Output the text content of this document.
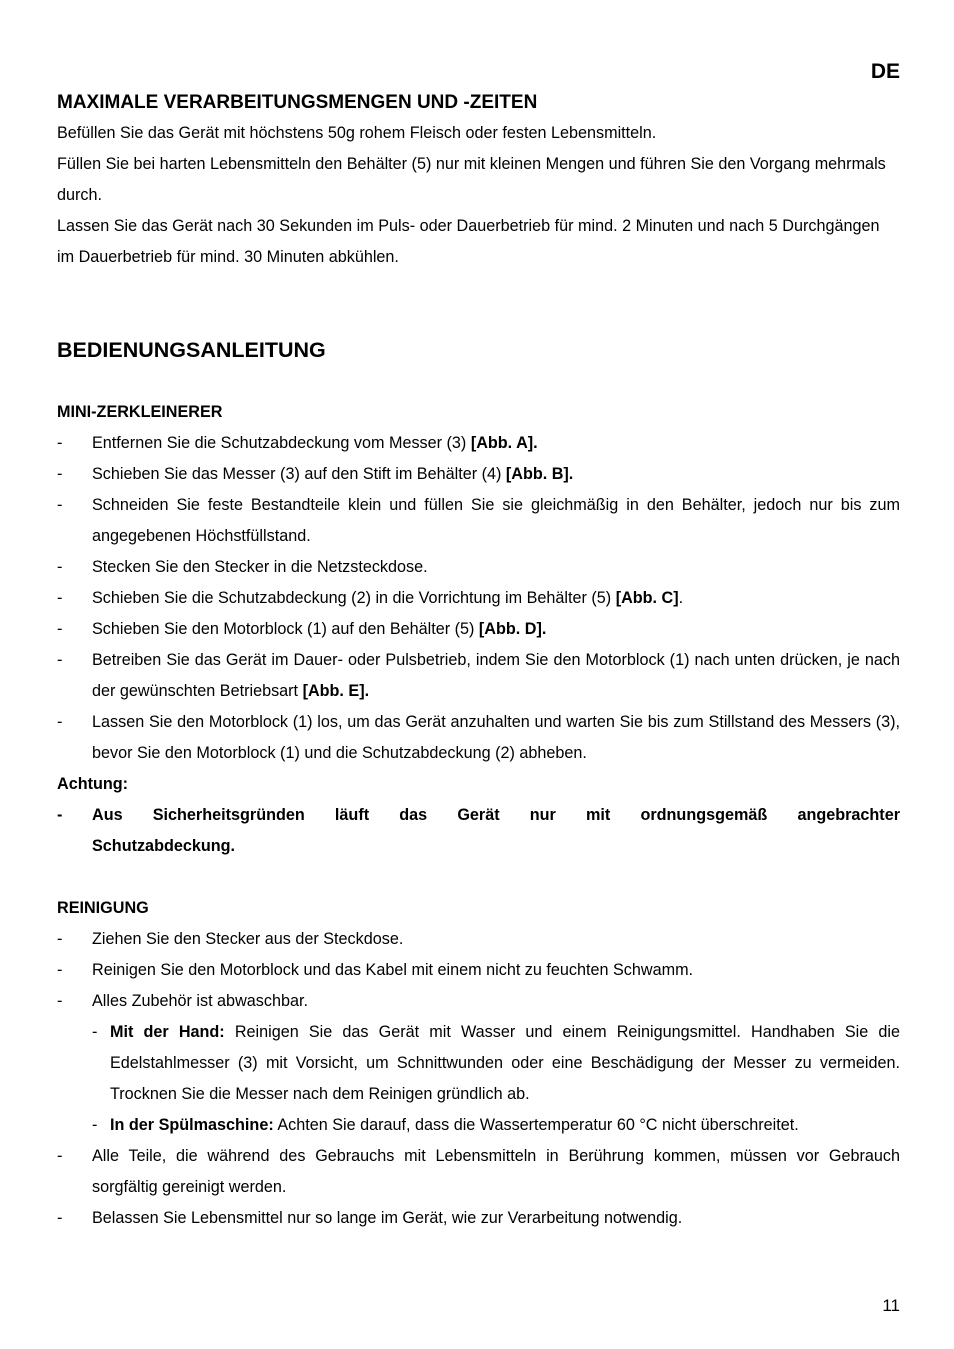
DE
MAXIMALE VERARBEITUNGSMENGEN UND -ZEITEN

Befüllen Sie das Gerät mit höchstens 50g rohem Fleisch oder festen Lebensmitteln.

Füllen Sie bei harten Lebensmitteln den Behälter (5) nur mit kleinen Mengen und führen Sie den Vorgang mehrmals durch.

Lassen Sie das Gerät nach 30 Sekunden im Puls- oder Dauerbetrieb für mind. 2 Minuten und nach 5 Durchgängen im Dauerbetrieb für mind. 30 Minuten abkühlen.

BEDIENUNGSANLEITUNG
MINI-ZERKLEINERER
- Entfernen Sie die Schutzabdeckung vom Messer (3) [Abb. A].
- Schieben Sie das Messer (3) auf den Stift im Behälter (4) [Abb. B].
- Schneiden Sie feste Bestandteile klein und füllen Sie sie gleichmäßig in den Behälter, jedoch nur bis zum angegebenen Höchstfüllstand.
- Stecken Sie den Stecker in die Netzsteckdose.
- Schieben Sie die Schutzabdeckung (2) in die Vorrichtung im Behälter (5) [Abb. C].
- Schieben Sie den Motorblock (1) auf den Behälter (5) [Abb. D].
- Betreiben Sie das Gerät im Dauer- oder Pulsbetrieb, indem Sie den Motorblock (1) nach unten drücken, je nach der gewünschten Betriebsart [Abb. E].
- Lassen Sie den Motorblock (1) los, um das Gerät anzuhalten und warten Sie bis zum Stillstand des Messers (3), bevor Sie den Motorblock (1) und die Schutzabdeckung (2) abheben.
Achtung:
- Aus Sicherheitsgründen läuft das Gerät nur mit ordnungsgemäß angebrachter
Schutzabdeckung.
REINIGUNG
- Ziehen Sie den Stecker aus der Steckdose.
- Reinigen Sie den Motorblock und das Kabel mit einem nicht zu feuchten Schwamm.
- Alles Zubehör ist abwaschbar.
- Mit der Hand: Reinigen Sie das Gerät mit Wasser und einem Reinigungsmittel. Handhaben Sie die Edelstahlmesser (3) mit Vorsicht, um Schnittwunden oder eine Beschädigung der Messer zu vermeiden. Trocknen Sie die Messer nach dem Reinigen gründlich ab.
- In der Spülmaschine: Achten Sie darauf, dass die Wassertemperatur 60 °C nicht überschreitet.
- Alle Teile, die während des Gebrauchs mit Lebensmitteln in Berührung kommen, müssen vor Gebrauch sorgfältig gereinigt werden.
- Belassen Sie Lebensmittel nur so lange im Gerät, wie zur Verarbeitung notwendig.
11
